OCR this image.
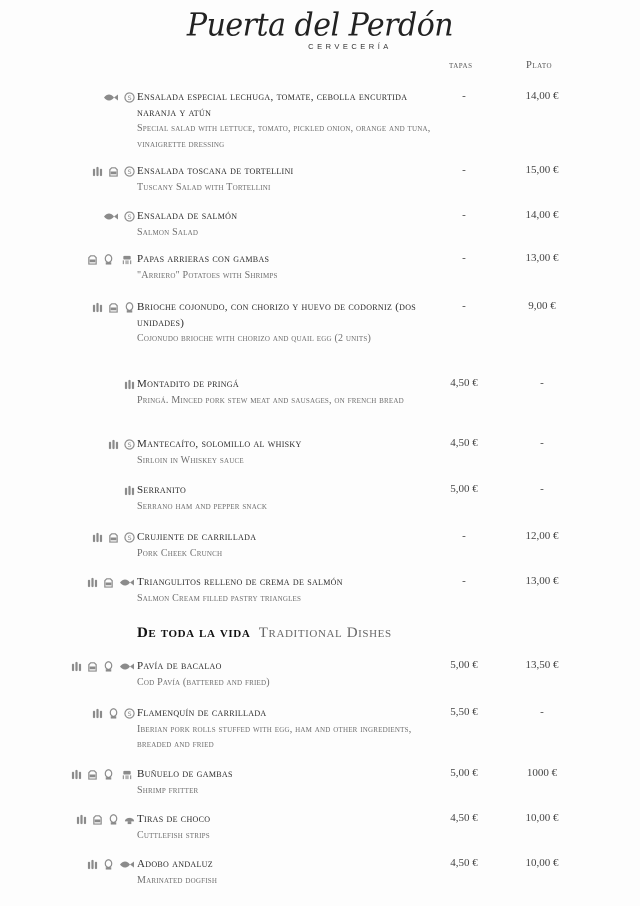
Puerta del Perdón
CERVECERÍA
tapas	Plato
De toda la vida Traditional Dishes
S Ensalada especial lechuga, tomate, cebolla encurtida naranja y atún
Special salad with lettuce, tomato, pickled onion, orange and tuna, vinaigrette dressing
-	14,00 €
S Ensalada toscana de tortellini
Tuscany Salad with Tortellini
-	15,00 €
S Ensalada de salmón
Salmon Salad
-	14,00 €
Papas arrieras con gambas
"Arriero" Potatoes with Shrimps
-	13,00 €
Brioche cojonudo, con chorizo y huevo de codorniz (dos unidades)
Cojonudo brioche with chorizo and quail egg (2 units)
-	9,00 €
Montadito de pringá
Pringá. Minced pork stew meat and sausages, on french bread
4,50 €	-
S Mantecaíto, solomillo al whisky
Sirloin in Whiskey sauce
4,50 €	-
Serranito
Serrano ham and pepper snack
5,00 €	-
S Crujiente de carrillada
Pork Cheek Crunch
-	12,00 €
Triangulitos relleno de crema de salmón
Salmon Cream filled pastry triangles
-	13,00 €
Pavía de bacalao
Cod Pavía (battered and fried)
5,00 €	13,50 €
S Flamenquín de carrillada
Iberian pork rolls stuffed with egg, ham and other ingredients, breaded and fried
5,50 €	-
Buñuelo de gambas
Shrimp fritter
5,00 €	1000 €
Tiras de choco
Cuttlefish strips
4,50 €	10,00 €
Adobo andaluz
Marinated dogfish
4,50 €	10,00 €
